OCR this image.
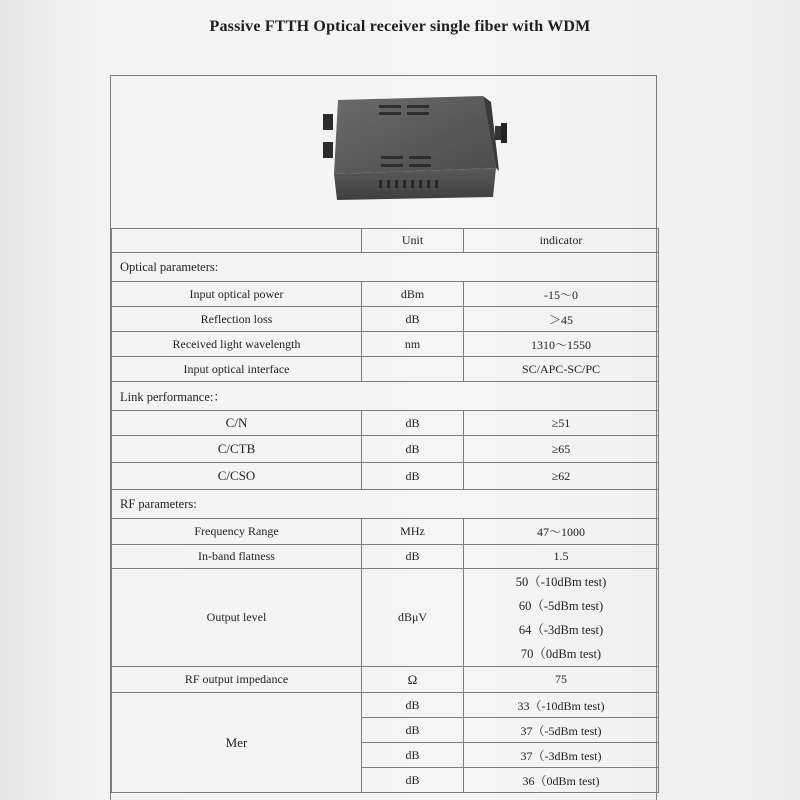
Passive FTTH Optical receiver single fiber with WDM
	Unit	indicator
Optical parameters:		
Input optical power	dBm	-15～0
Reflection loss	dB	＞45
Received light wavelength	nm	1310～1550
Input optical interface		SC/APC-SC/PC
Link performance:：		
C/N	dB	≥51
C/CTB	dB	≥65
C/CSO	dB	≥62
RF parameters:		
Frequency Range	MHz	47～1000
In-band flatness	dB	1.5
Output level	dBμV	50（-10dBm test)
60（-5dBm test)
64（-3dBm test)
70（0dBm test)

RF output impedance	Ω	75
Mer	dB	33（-10dBm test)
	dB	37（-5dBm test)
	dB	37（-3dBm test)
	dB	36（0dBm test)
